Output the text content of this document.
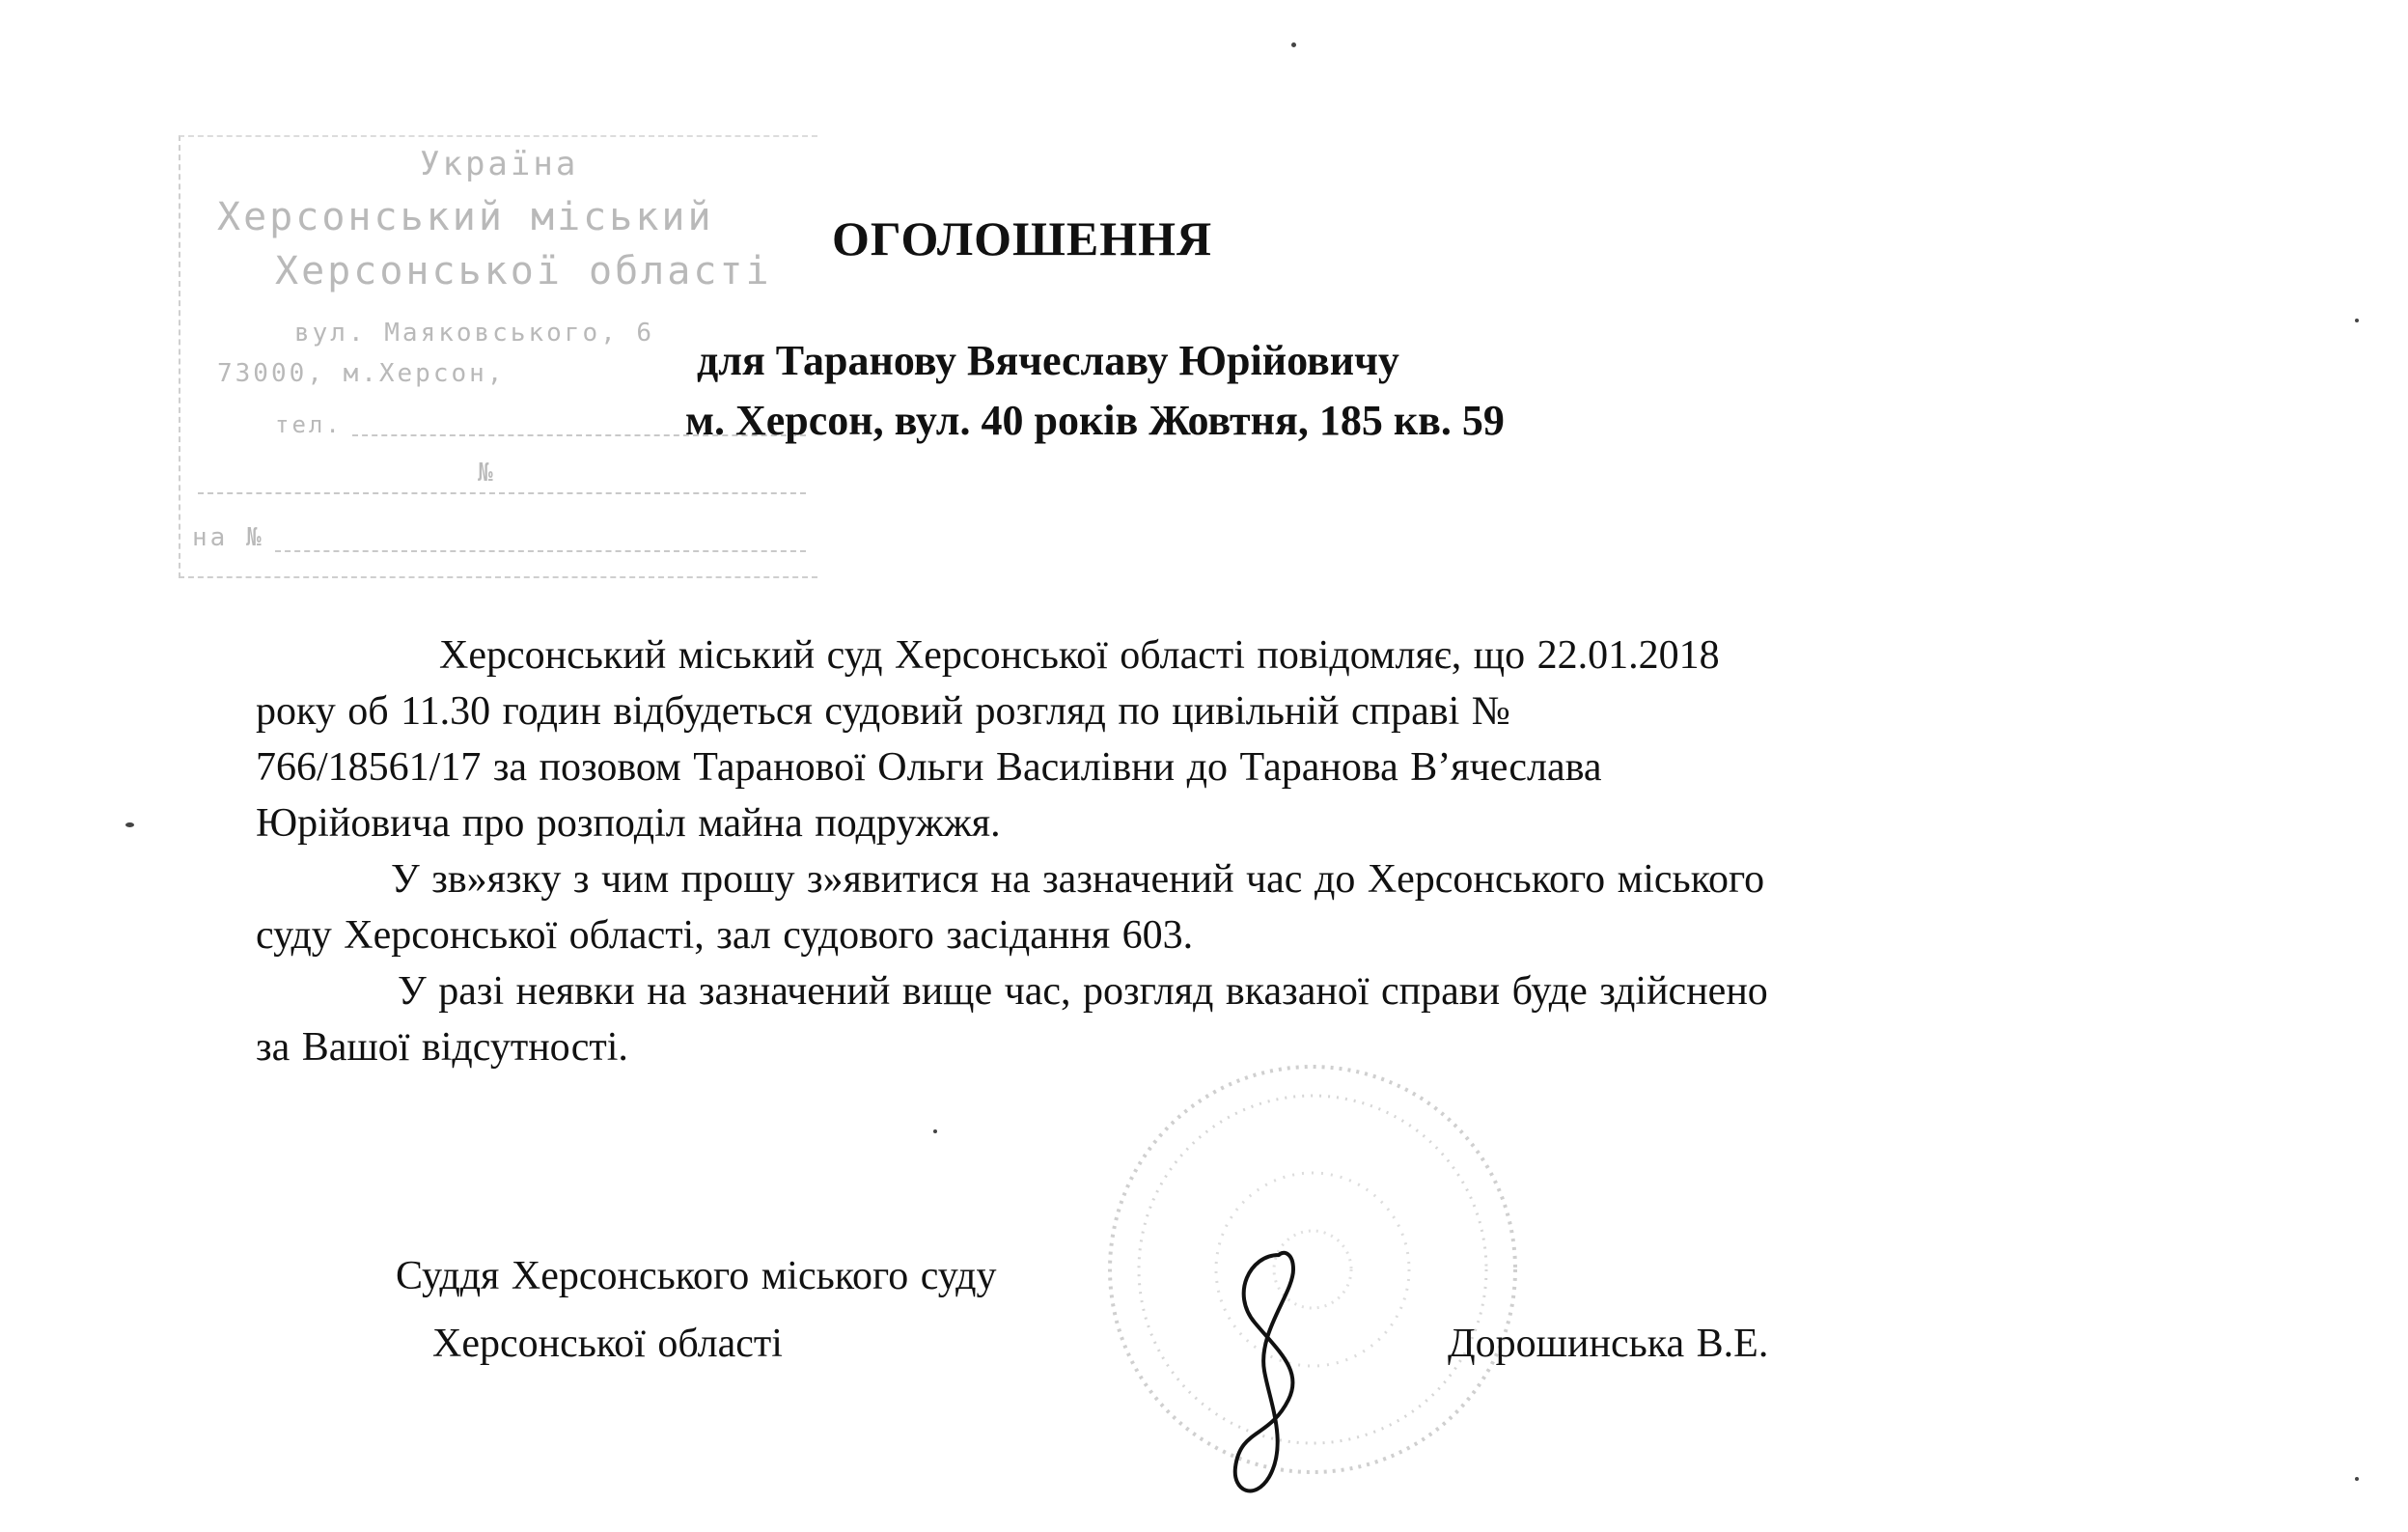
Україна
Херсонський міський
Херсонської області
вул. Маяковського, 6
73000, м.Херсон,
тел.
№
на №
ОГОЛОШЕННЯ
для Таранову Вячеславу Юрійовичу
м. Херсон, вул. 40 років Жовтня, 185 кв. 59
Херсонський міський суд Херсонської області повідомляє, що 22.01.2018
року об 11.30 годин відбудеться судовий розгляд по цивільній справі №
766/18561/17 за позовом Таранової Ольги Василівни до Таранова В’ячеслава
Юрійовича про розподіл майна подружжя.
У зв»язку з чим прошу з»явитися на зазначений час до Херсонського міського
суду Херсонської області, зал судового засідання 603.
У разі неявки на зазначений вище час, розгляд вказаної справи буде здійснено
за Вашої відсутності.
Суддя Херсонського міського суду
Херсонської області	Дорошинська В.Е.
